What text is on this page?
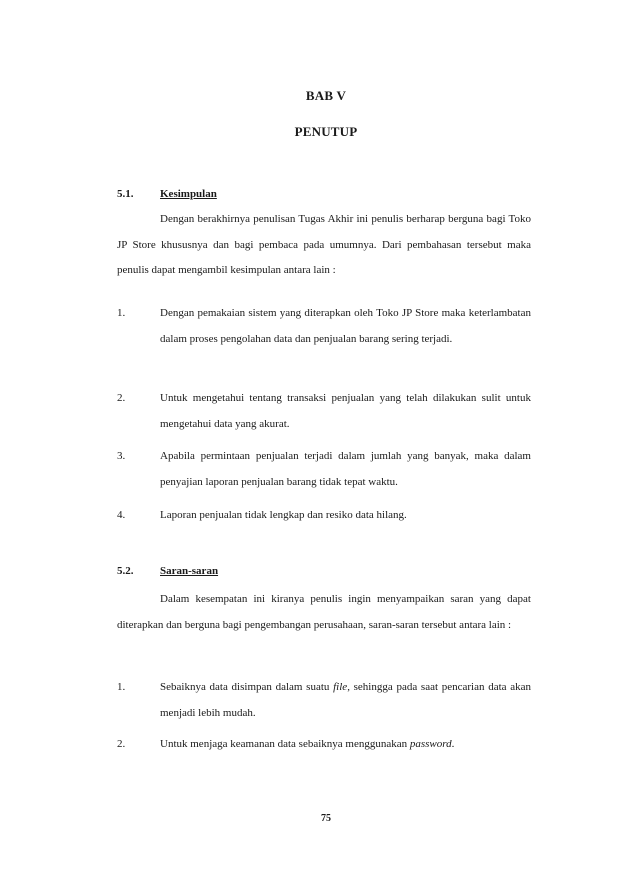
BAB V
PENUTUP
5.1. Kesimpulan
Dengan berakhirnya penulisan Tugas Akhir ini penulis berharap berguna bagi Toko JP Store khususnya dan bagi pembaca pada umumnya. Dari pembahasan tersebut maka penulis dapat mengambil kesimpulan antara lain :
1.	Dengan pemakaian sistem yang diterapkan oleh Toko JP Store maka keterlambatan dalam proses pengolahan data dan penjualan barang sering terjadi.
2.	Untuk mengetahui tentang transaksi penjualan yang telah dilakukan sulit untuk mengetahui data yang akurat.
3.	Apabila permintaan penjualan terjadi dalam jumlah yang banyak, maka dalam penyajian laporan penjualan barang tidak tepat waktu.
4.	Laporan penjualan tidak lengkap dan resiko data hilang.
5.2. Saran-saran
Dalam kesempatan ini kiranya penulis ingin menyampaikan saran yang dapat diterapkan dan berguna bagi pengembangan perusahaan, saran-saran tersebut antara lain :
1.	Sebaiknya data disimpan dalam suatu file, sehingga pada saat pencarian data akan menjadi lebih mudah.
2.	Untuk menjaga keamanan data sebaiknya menggunakan password.
75
